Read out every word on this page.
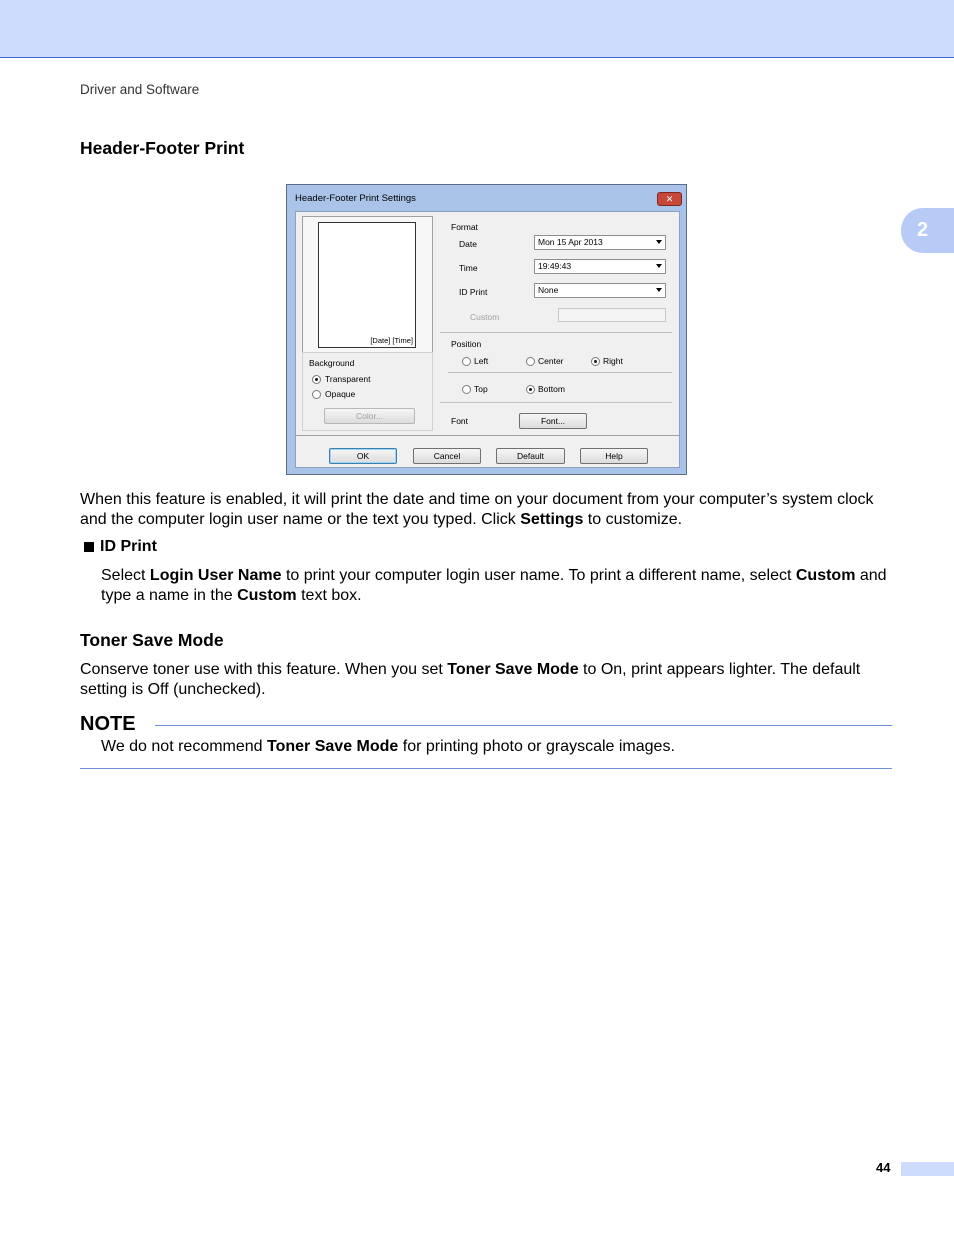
Driver and Software
2
Header-Footer Print
Header-Footer Print Settings	✕
[Date] [Time]
Background
Transparent
Opaque
Color...
Format
Date	Mon 15 Apr 2013
Time	19:49:43
ID Print	None
Custom
Position
Left	Center	Right
Top	Bottom
Font	Font...
OK	Cancel	Default	Help
When this feature is enabled, it will print the date and time on your document from your computer’s system clock and the computer login user name or the text you typed. Click Settings to customize.
ID Print
Select Login User Name to print your computer login user name. To print a different name, select Custom and type a name in the Custom text box.
Toner Save Mode
Conserve toner use with this feature. When you set Toner Save Mode to On, print appears lighter. The default setting is Off (unchecked).
NOTE
We do not recommend Toner Save Mode for printing photo or grayscale images.
44
